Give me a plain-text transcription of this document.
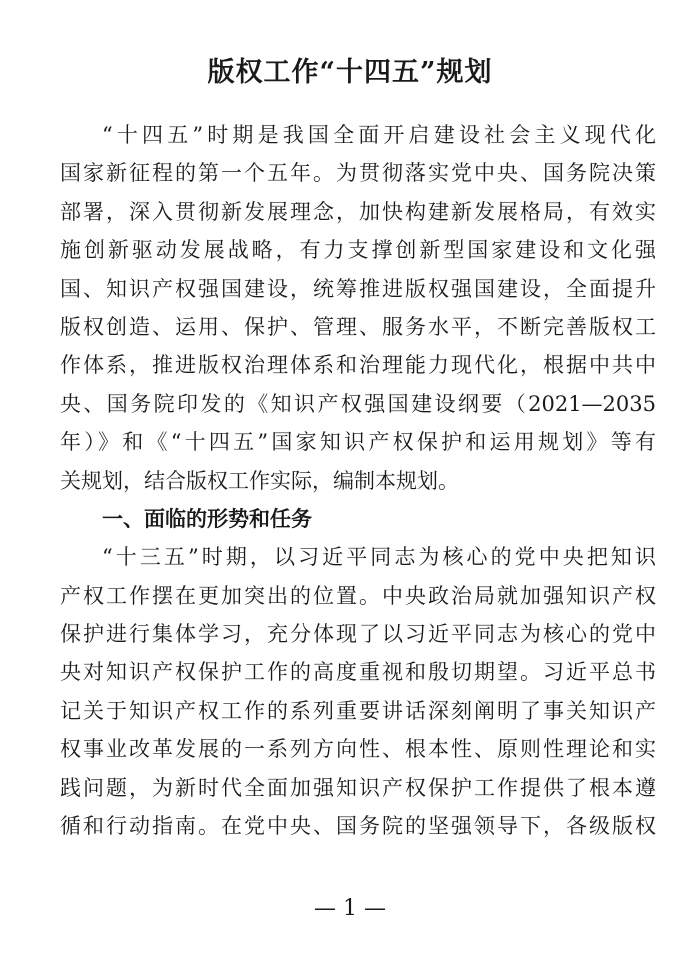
版权工作“十四五”规划
“十四五”时期是我国全面开启建设社会主义现代化
国家新征程的第一个五年。为贯彻落实党中央、国务院决策
部署，深入贯彻新发展理念，加快构建新发展格局，有效实
施创新驱动发展战略，有力支撑创新型国家建设和文化强
国、知识产权强国建设，统筹推进版权强国建设，全面提升
版权创造、运用、保护、管理、服务水平，不断完善版权工
作体系，推进版权治理体系和治理能力现代化，根据中共中
央、国务院印发的《知识产权强国建设纲要（2021—2035
年）》和《“十四五”国家知识产权保护和运用规划》等有
关规划，结合版权工作实际，编制本规划。
一、面临的形势和任务
“十三五”时期，以习近平同志为核心的党中央把知识
产权工作摆在更加突出的位置。中央政治局就加强知识产权
保护进行集体学习，充分体现了以习近平同志为核心的党中
央对知识产权保护工作的高度重视和殷切期望。习近平总书
记关于知识产权工作的系列重要讲话深刻阐明了事关知识产
权事业改革发展的一系列方向性、根本性、原则性理论和实
践问题，为新时代全面加强知识产权保护工作提供了根本遵
循和行动指南。在党中央、国务院的坚强领导下，各级版权
— 1 —
